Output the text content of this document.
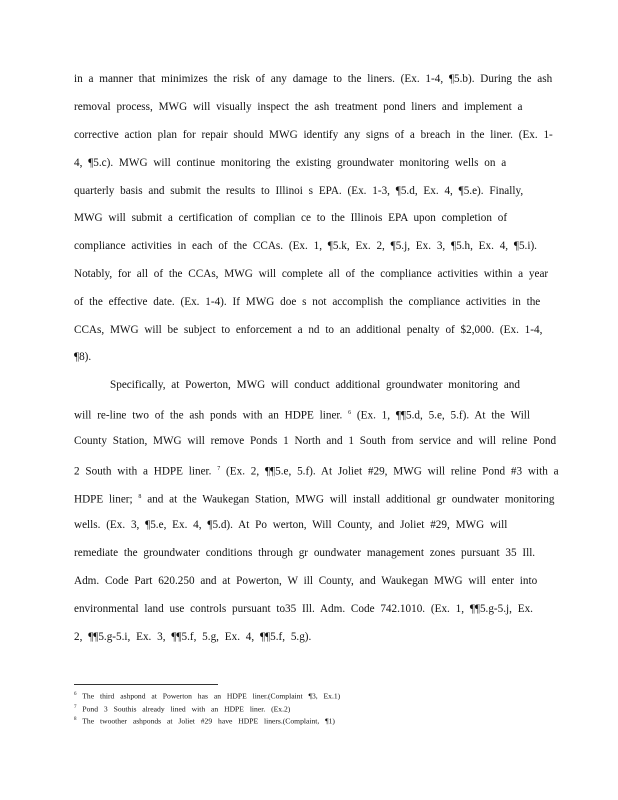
in a manner that minimizes the risk of any damage to the liners. (Ex. 1-4, ¶5.b). During the ash
removal process, MWG will visually inspect the ash treatment pond liners and implement a
corrective action plan for repair should MWG identify any signs of a breach in the liner. (Ex. 1-
4, ¶5.c). MWG will continue monitoring the existing groundwater monitoring wells on a
quarterly basis and submit the results to Illinoi s EPA. (Ex. 1-3, ¶5.d, Ex. 4, ¶5.e). Finally,
MWG will submit a certification of complian ce to the Illinois EPA upon completion of
compliance activities in each of the CCAs. (Ex. 1, ¶5.k, Ex. 2, ¶5.j, Ex. 3, ¶5.h, Ex. 4, ¶5.i).
Notably, for all of the CCAs, MWG will complete all of the compliance activities within a year
of the effective date. (Ex. 1-4). If MWG doe s not accomplish the compliance activities in the
CCAs, MWG will be subject to enforcement a nd to an additional penalty of $2,000. (Ex. 1-4,
¶8).
Specifically, at Powerton, MWG will conduct additional groundwater monitoring and
will re-line two of the ash ponds with an HDPE liner. $^6$ (Ex. 1, ¶¶5.d, 5.e, 5.f). At the Will
County Station, MWG will remove Ponds 1 North and 1 South from service and will reline Pond
2 South with a HDPE liner. $^7$ (Ex. 2, ¶¶5.e, 5.f). At Joliet #29, MWG will reline Pond #3 with a
HDPE liner; $^8$ and at the Waukegan Station, MWG will install additional gr oundwater monitoring
wells. (Ex. 3, ¶5.e, Ex. 4, ¶5.d). At Po werton, Will County, and Joliet #29, MWG will
remediate the groundwater conditions through gr oundwater management zones pursuant 35 Ill.
Adm. Code Part 620.250 and at Powerton, W ill County, and Waukegan MWG will enter into
environmental land use controls pursuant to35 Ill. Adm. Code 742.1010. (Ex. 1, ¶¶5.g-5.j, Ex.
2, ¶¶5.g-5.i, Ex. 3, ¶¶5.f, 5.g, Ex. 4, ¶¶5.f, 5.g).
$^6$ The third ashpond at Powerton has an HDPE liner.(Complaint ¶3, Ex.1)
$^7$ Pond 3 Southis already lined with an HDPE liner. (Ex.2)
$^8$ The twoother ashponds at Joliet #29 have HDPE liners.(Complaint, ¶1)
